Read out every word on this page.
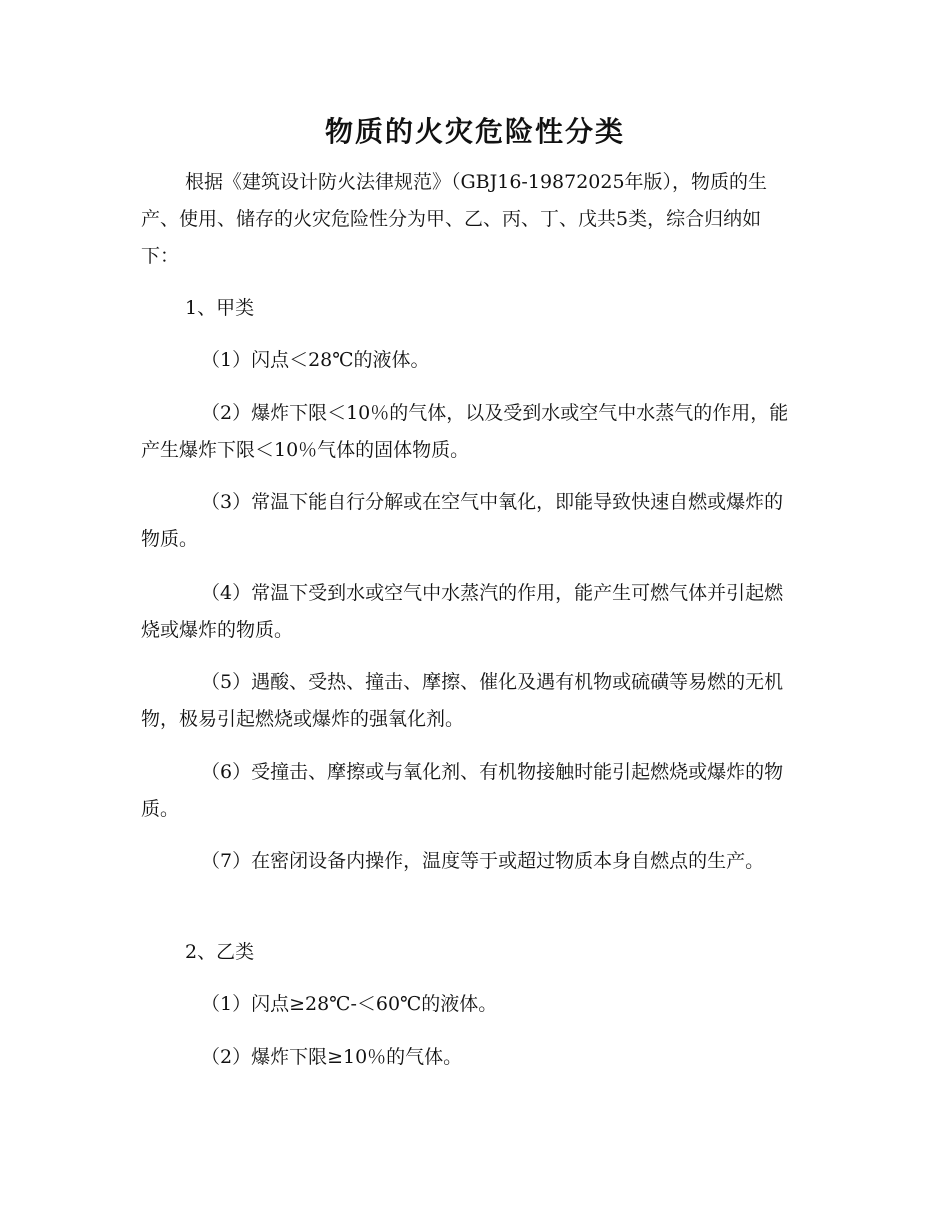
物质的火灾危险性分类

根据《建筑设计防火法律规范》（GBJ16-19872025年版），物质的生产、使用、储存的火灾危险性分为甲、乙、丙、丁、戊共5类，综合归纳如下：

1、甲类

（1）闪点＜28℃的液体。

（2）爆炸下限＜10％的气体，以及受到水或空气中水蒸气的作用，能产生爆炸下限＜10％气体的固体物质。

（3）常温下能自行分解或在空气中氧化，即能导致快速自燃或爆炸的物质。

（4）常温下受到水或空气中水蒸汽的作用，能产生可燃气体并引起燃烧或爆炸的物质。

（5）遇酸、受热、撞击、摩擦、催化及遇有机物或硫磺等易燃的无机物，极易引起燃烧或爆炸的强氧化剂。

（6）受撞击、摩擦或与氧化剂、有机物接触时能引起燃烧或爆炸的物质。

（7）在密闭设备内操作，温度等于或超过物质本身自燃点的生产。

2、乙类

（1）闪点≥28℃-＜60℃的液体。

（2）爆炸下限≥10％的气体。
